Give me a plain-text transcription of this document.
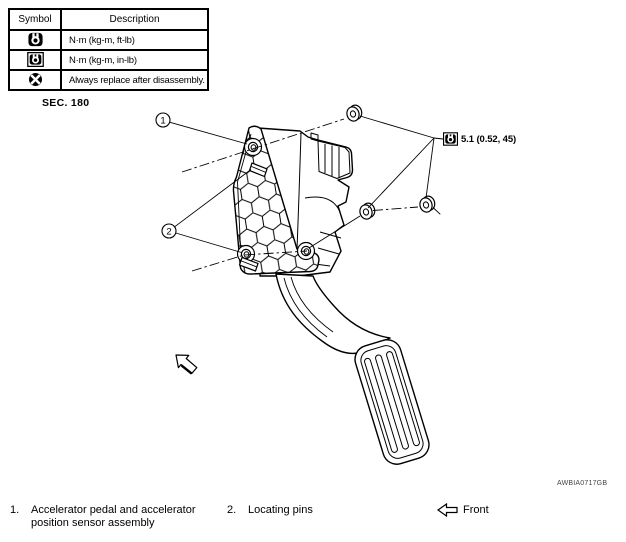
Symbol	Description
	N·m (kg-m, ft-lb)
	N·m (kg-m, in-lb)
	Always replace after disassembly.
SEC. 180
1
2
5.1 (0.52, 45)
AWBIA0717GB
1. Accelerator pedal and accelerator position sensor assembly
2. Locating pins	Front
